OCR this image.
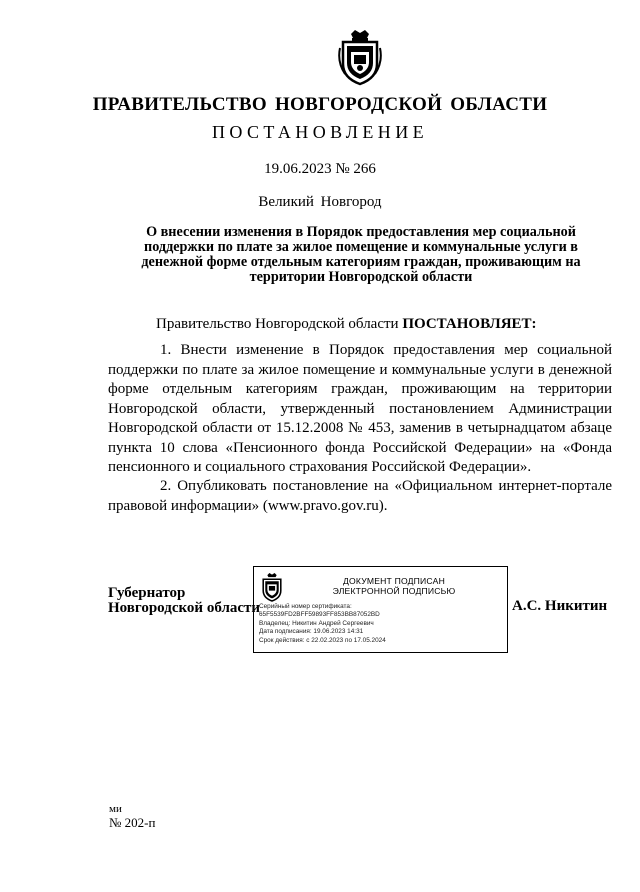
ПРАВИТЕЛЬСТВО НОВГОРОДСКОЙ ОБЛАСТИ
ПОСТАНОВЛЕНИЕ
19.06.2023 № 266
Великий Новгород
О внесении изменения в Порядок предоставления мер социальной поддержки по плате за жилое помещение и коммунальные услуги в денежной форме отдельным категориям граждан, проживающим на территории Новгородской области
Правительство Новгородской области ПОСТАНОВЛЯЕТ:
1. Внести изменение в Порядок предоставления мер социальной поддержки по плате за жилое помещение и коммунальные услуги в денежной форме отдельным категориям граждан, проживающим на территории Новгородской области, утвержденный постановлением Администрации Новгородской области от 15.12.2008 № 453, заменив в четырнадцатом абзаце пункта 10 слова «Пенсионного фонда Российской Федерации» на «Фонда пенсионного и социального страхования Российской Федерации».
2. Опубликовать постановление на «Официальном интернет-портале правовой информации» (www.pravo.gov.ru).
Губернатор
Новгородской области
ДОКУМЕНТ ПОДПИСАН
ЭЛЕКТРОННОЙ ПОДПИСЬЮ
Серийный номер сертификата:
65F5539FD2BFF59893FF853BB87052BD
Владелец: Никитин Андрей Сергеевич
Дата подписания: 19.06.2023 14:31
Срок действия: с 22.02.2023 по 17.05.2024
А.С. Никитин
ми
№ 202-п
